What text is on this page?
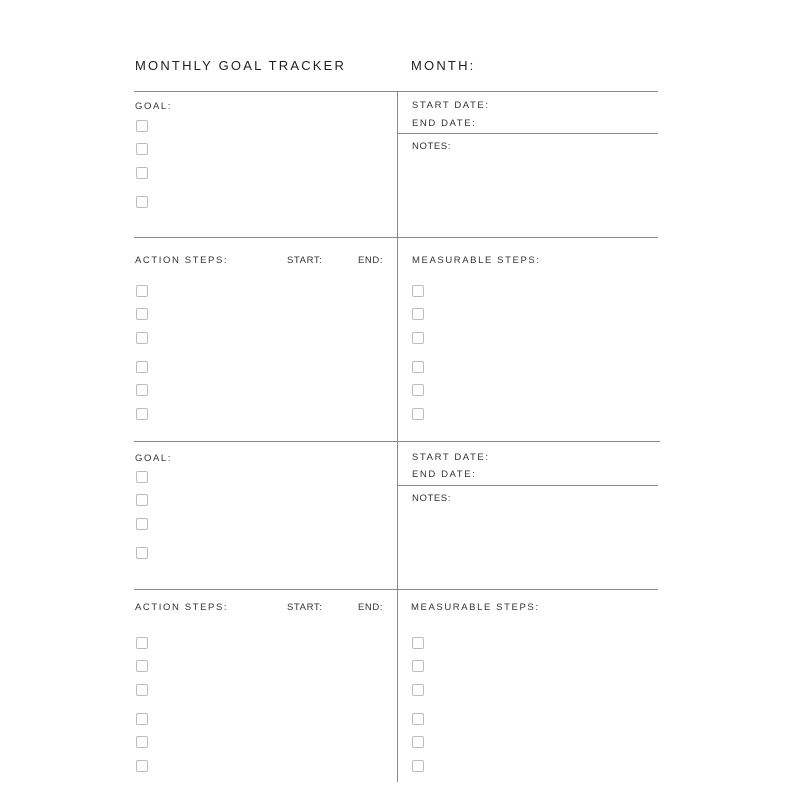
MONTHLY GOAL TRACKER	MONTH:
GOAL:	START DATE:
END DATE:
NOTES:
ACTION STEPS:	START:	END:	MEASURABLE STEPS:
GOAL:	START DATE:
END DATE:
NOTES:
ACTION STEPS:	START:	END:	MEASURABLE STEPS:
